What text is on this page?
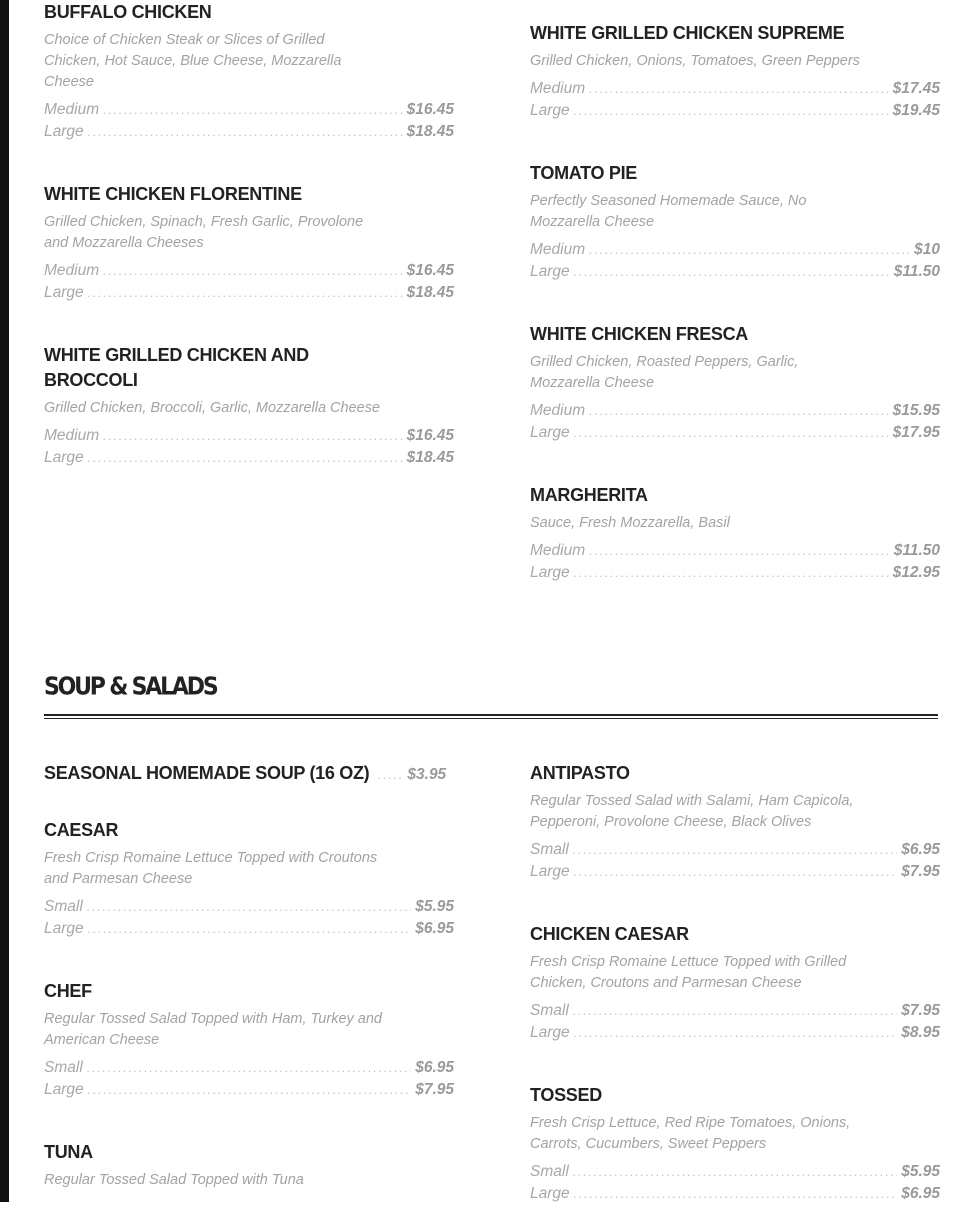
BUFFALO CHICKEN
Choice of Chicken Steak or Slices of Grilled Chicken, Hot Sauce, Blue Cheese, Mozzarella Cheese
Medium .....	$16.45
Large .....	$18.45
WHITE CHICKEN FLORENTINE
Grilled Chicken, Spinach, Fresh Garlic, Provolone and Mozzarella Cheeses
Medium .....	$16.45
Large .....	$18.45
WHITE GRILLED CHICKEN AND
BROCCOLI
Grilled Chicken, Broccoli, Garlic, Mozzarella Cheese
Medium .....	$16.45
Large .....	$18.45
WHITE GRILLED CHICKEN SUPREME
Grilled Chicken, Onions, Tomatoes, Green Peppers
Medium .....	$17.45
Large .....	$19.45
TOMATO PIE
Perfectly Seasoned Homemade Sauce, No Mozzarella Cheese
Medium .....	$10
Large .....	$11.50
WHITE CHICKEN FRESCA
Grilled Chicken, Roasted Peppers, Garlic, Mozzarella Cheese
Medium .....	$15.95
Large .....	$17.95
MARGHERITA
Sauce, Fresh Mozzarella, Basil
Medium .....	$11.50
Large .....	$12.95
SOUP & SALADS
SEASONAL HOMEMADE SOUP (16 OZ) ........ $3.95
CAESAR
Fresh Crisp Romaine Lettuce Topped with Croutons and Parmesan Cheese
Small .....	$5.95
Large .....	$6.95
CHEF
Regular Tossed Salad Topped with Ham, Turkey and American Cheese
Small .....	$6.95
Large .....	$7.95
TUNA
Regular Tossed Salad Topped with Tuna
ANTIPASTO
Regular Tossed Salad with Salami, Ham Capicola, Pepperoni, Provolone Cheese, Black Olives
Small .....	$6.95
Large .....	$7.95
CHICKEN CAESAR
Fresh Crisp Romaine Lettuce Topped with Grilled Chicken, Croutons and Parmesan Cheese
Small .....	$7.95
Large .....	$8.95
TOSSED
Fresh Crisp Lettuce, Red Ripe Tomatoes, Onions, Carrots, Cucumbers, Sweet Peppers
Small .....	$5.95
Large .....	$6.95
